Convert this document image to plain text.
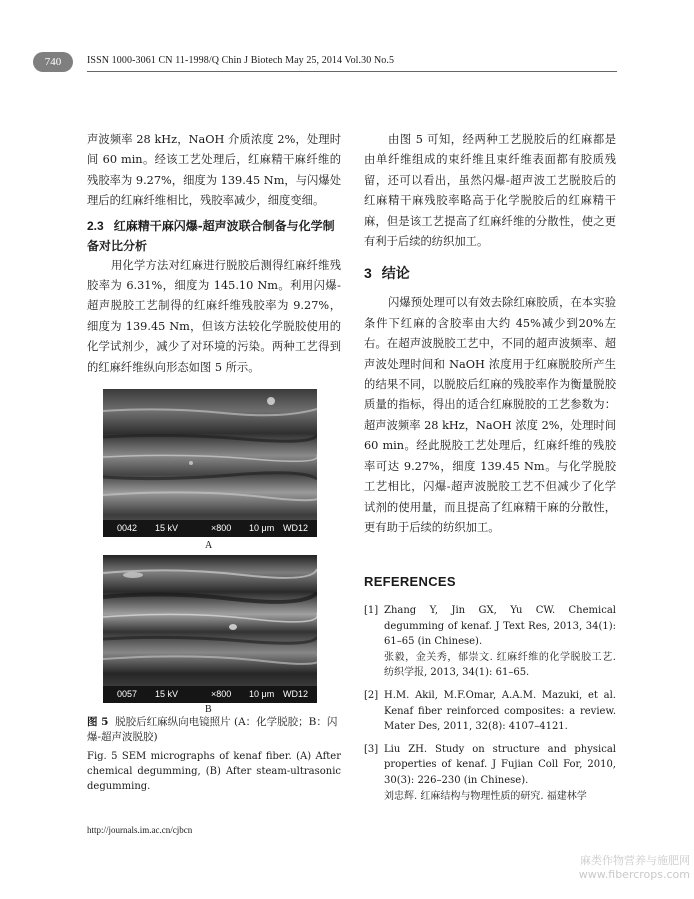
740	ISSN 1000-3061 CN 11-1998/Q Chin J Biotech May 25, 2014 Vol.30 No.5

声波频率 28 kHz，NaOH 介质浓度 2%，处理时间 60 min。经该工艺处理后，红麻精干麻纤维的残胶率为 9.27%，细度为 139.45 Nm，与闪爆处理后的红麻纤维相比，残胶率减少，细度变细。

2.3 红麻精干麻闪爆-超声波联合制备与化学制备对比分析

用化学方法对红麻进行脱胶后测得红麻纤维残胶率为 6.31%，细度为 145.10 Nm。利用闪爆-超声脱胶工艺制得的红麻纤维残胶率为 9.27%，细度为 139.45 Nm，但该方法较化学脱胶使用的化学试剂少，减少了对环境的污染。两种工艺得到的红麻纤维纵向形态如图 5 所示。

0042 15 kV	×800 10 μm WD12
A
0057 15 kV	×800 10 μm WD12
B
图 5 脱胶后红麻纵向电镜照片 (A：化学脱胶；B：闪爆-超声波脱胶)
Fig. 5 SEM micrographs of kenaf fiber. (A) After chemical degumming, (B) After steam-ultrasonic degumming.

由图 5 可知，经两种工艺脱胶后的红麻都是由单纤维组成的束纤维且束纤维表面都有胶质残留，还可以看出，虽然闪爆-超声波工艺脱胶后的红麻精干麻残胶率略高于化学脱胶后的红麻精干麻，但是该工艺提高了红麻纤维的分散性，使之更有利于后续的纺织加工。

3 结论

闪爆预处理可以有效去除红麻胶质，在本实验条件下红麻的含胶率由大约 45%减少到20%左右。在超声波脱胶工艺中，不同的超声波频率、超声波处理时间和 NaOH 浓度用于红麻脱胶所产生的结果不同，以脱胶后红麻的残胶率作为衡量脱胶质量的指标，得出的适合红麻脱胶的工艺参数为：超声波频率 28 kHz，NaOH 浓度 2%，处理时间 60 min。经此脱胶工艺处理后，红麻纤维的残胶率可达 9.27%，细度 139.45 Nm。与化学脱胶工艺相比，闪爆-超声波脱胶工艺不但减少了化学试剂的使用量，而且提高了红麻精干麻的分散性，更有助于后续的纺织加工。

REFERENCES
[1] Zhang Y, Jin GX, Yu CW. Chemical degumming of kenaf. J Text Res, 2013, 34(1): 61–65 (in Chinese).
张毅，金关秀，郁崇文. 红麻纤维的化学脱胶工艺. 纺织学报, 2013, 34(1): 61–65.
[2] H.M. Akil, M.F.Omar, A.A.M. Mazuki, et al. Kenaf fiber reinforced composites: a review. Mater Des, 2011, 32(8): 4107–4121.
[3] Liu ZH. Study on structure and physical properties of kenaf. J Fujian Coll For, 2010, 30(3): 226–230 (in Chinese).
刘忠辉. 红麻结构与物理性质的研究. 福建林学
http://journals.im.ac.cn/cjbcn
麻类作物营养与施肥网
www.fibercrops.com
